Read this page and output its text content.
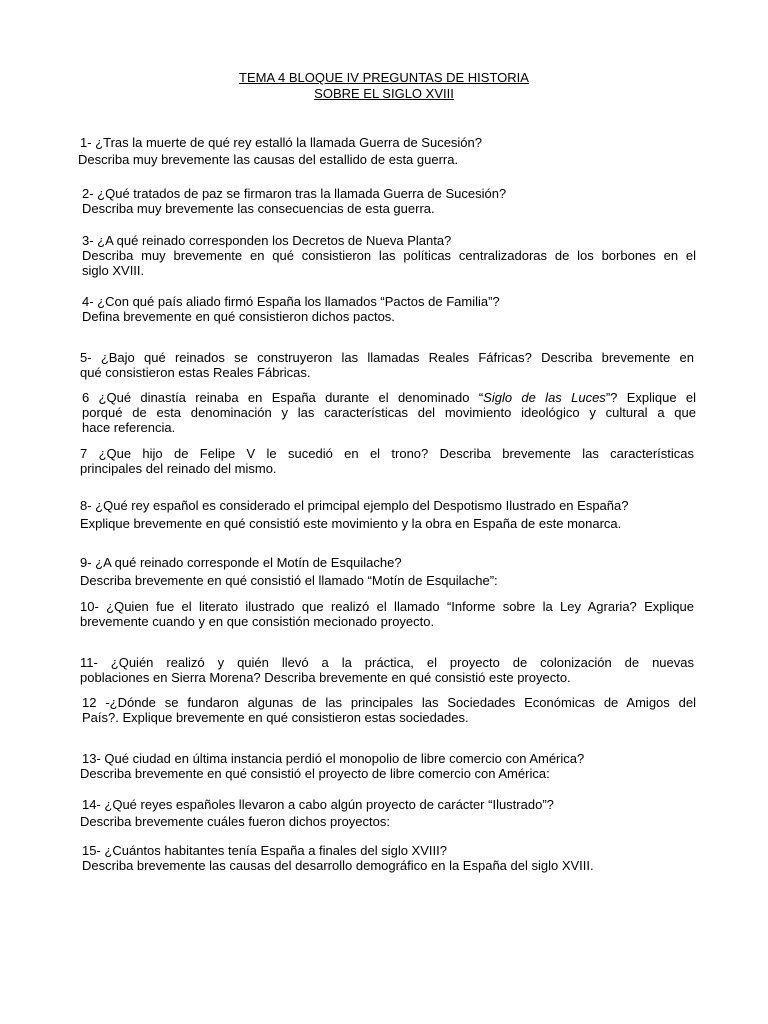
TEMA 4 BLOQUE IV PREGUNTAS DE HISTORIA
SOBRE EL SIGLO XVIII
1- ¿Tras la muerte de qué rey estalló la llamada Guerra de Sucesión?
Describa muy brevemente las causas del estallido de esta guerra.
2- ¿Qué tratados de paz se firmaron tras la llamada Guerra de Sucesión?
Describa muy brevemente las consecuencias de esta guerra.
3- ¿A qué reinado corresponden los Decretos de Nueva Planta?
Describa muy brevemente en qué consistieron las políticas centralizadoras de los borbones en el
siglo XVIII.
4- ¿Con qué país aliado firmó España los llamados “Pactos de Familia”?
Defina brevemente en qué consistieron dichos pactos.
5- ¿Bajo qué reinados se construyeron las llamadas Reales Fáfricas? Describa brevemente en
qué consistieron estas Reales Fábricas.
6 ¿Qué dinastía reinaba en España durante el denominado “Siglo de las Luces”? Explique el
porqué de esta denominación y las características del movimiento ideológico y cultural a que
hace referencia.
7 ¿Que hijo de Felipe V le sucedió en el trono? Describa brevemente las características
principales del reinado del mismo.
8- ¿Qué rey español es considerado el primcipal ejemplo del Despotismo Ilustrado en España?
Explique brevemente en qué consistió este movimiento y la obra en España de este monarca.
9- ¿A qué reinado corresponde el Motín de Esquilache?
Describa brevemente en qué consistió el llamado “Motín de Esquilache”:
10- ¿Quien fue el literato ilustrado que realizó el llamado “Informe sobre la Ley Agraria? Explique
brevemente cuando y en que consistión mecionado proyecto.
11- ¿Quién realizó y quién llevó a la práctica, el proyecto de colonización de nuevas
poblaciones en Sierra Morena? Describa brevemente en qué consistió este proyecto.
12 -¿Dónde se fundaron algunas de las principales las Sociedades Económicas de Amigos del
País?. Explique brevemente en qué consistieron estas sociedades.
13- Qué ciudad en última instancia perdió el monopolio de libre comercio con América?
Describa brevemente en qué consistió el proyecto de libre comercio con América:
14- ¿Qué reyes españoles llevaron a cabo algún proyecto de carácter “Ilustrado”?
Describa brevemente cuáles fueron dichos proyectos:
15- ¿Cuántos habitantes tenía España a finales del siglo XVIII?
Describa brevemente las causas del desarrollo demográfico en la España del siglo XVIII.
